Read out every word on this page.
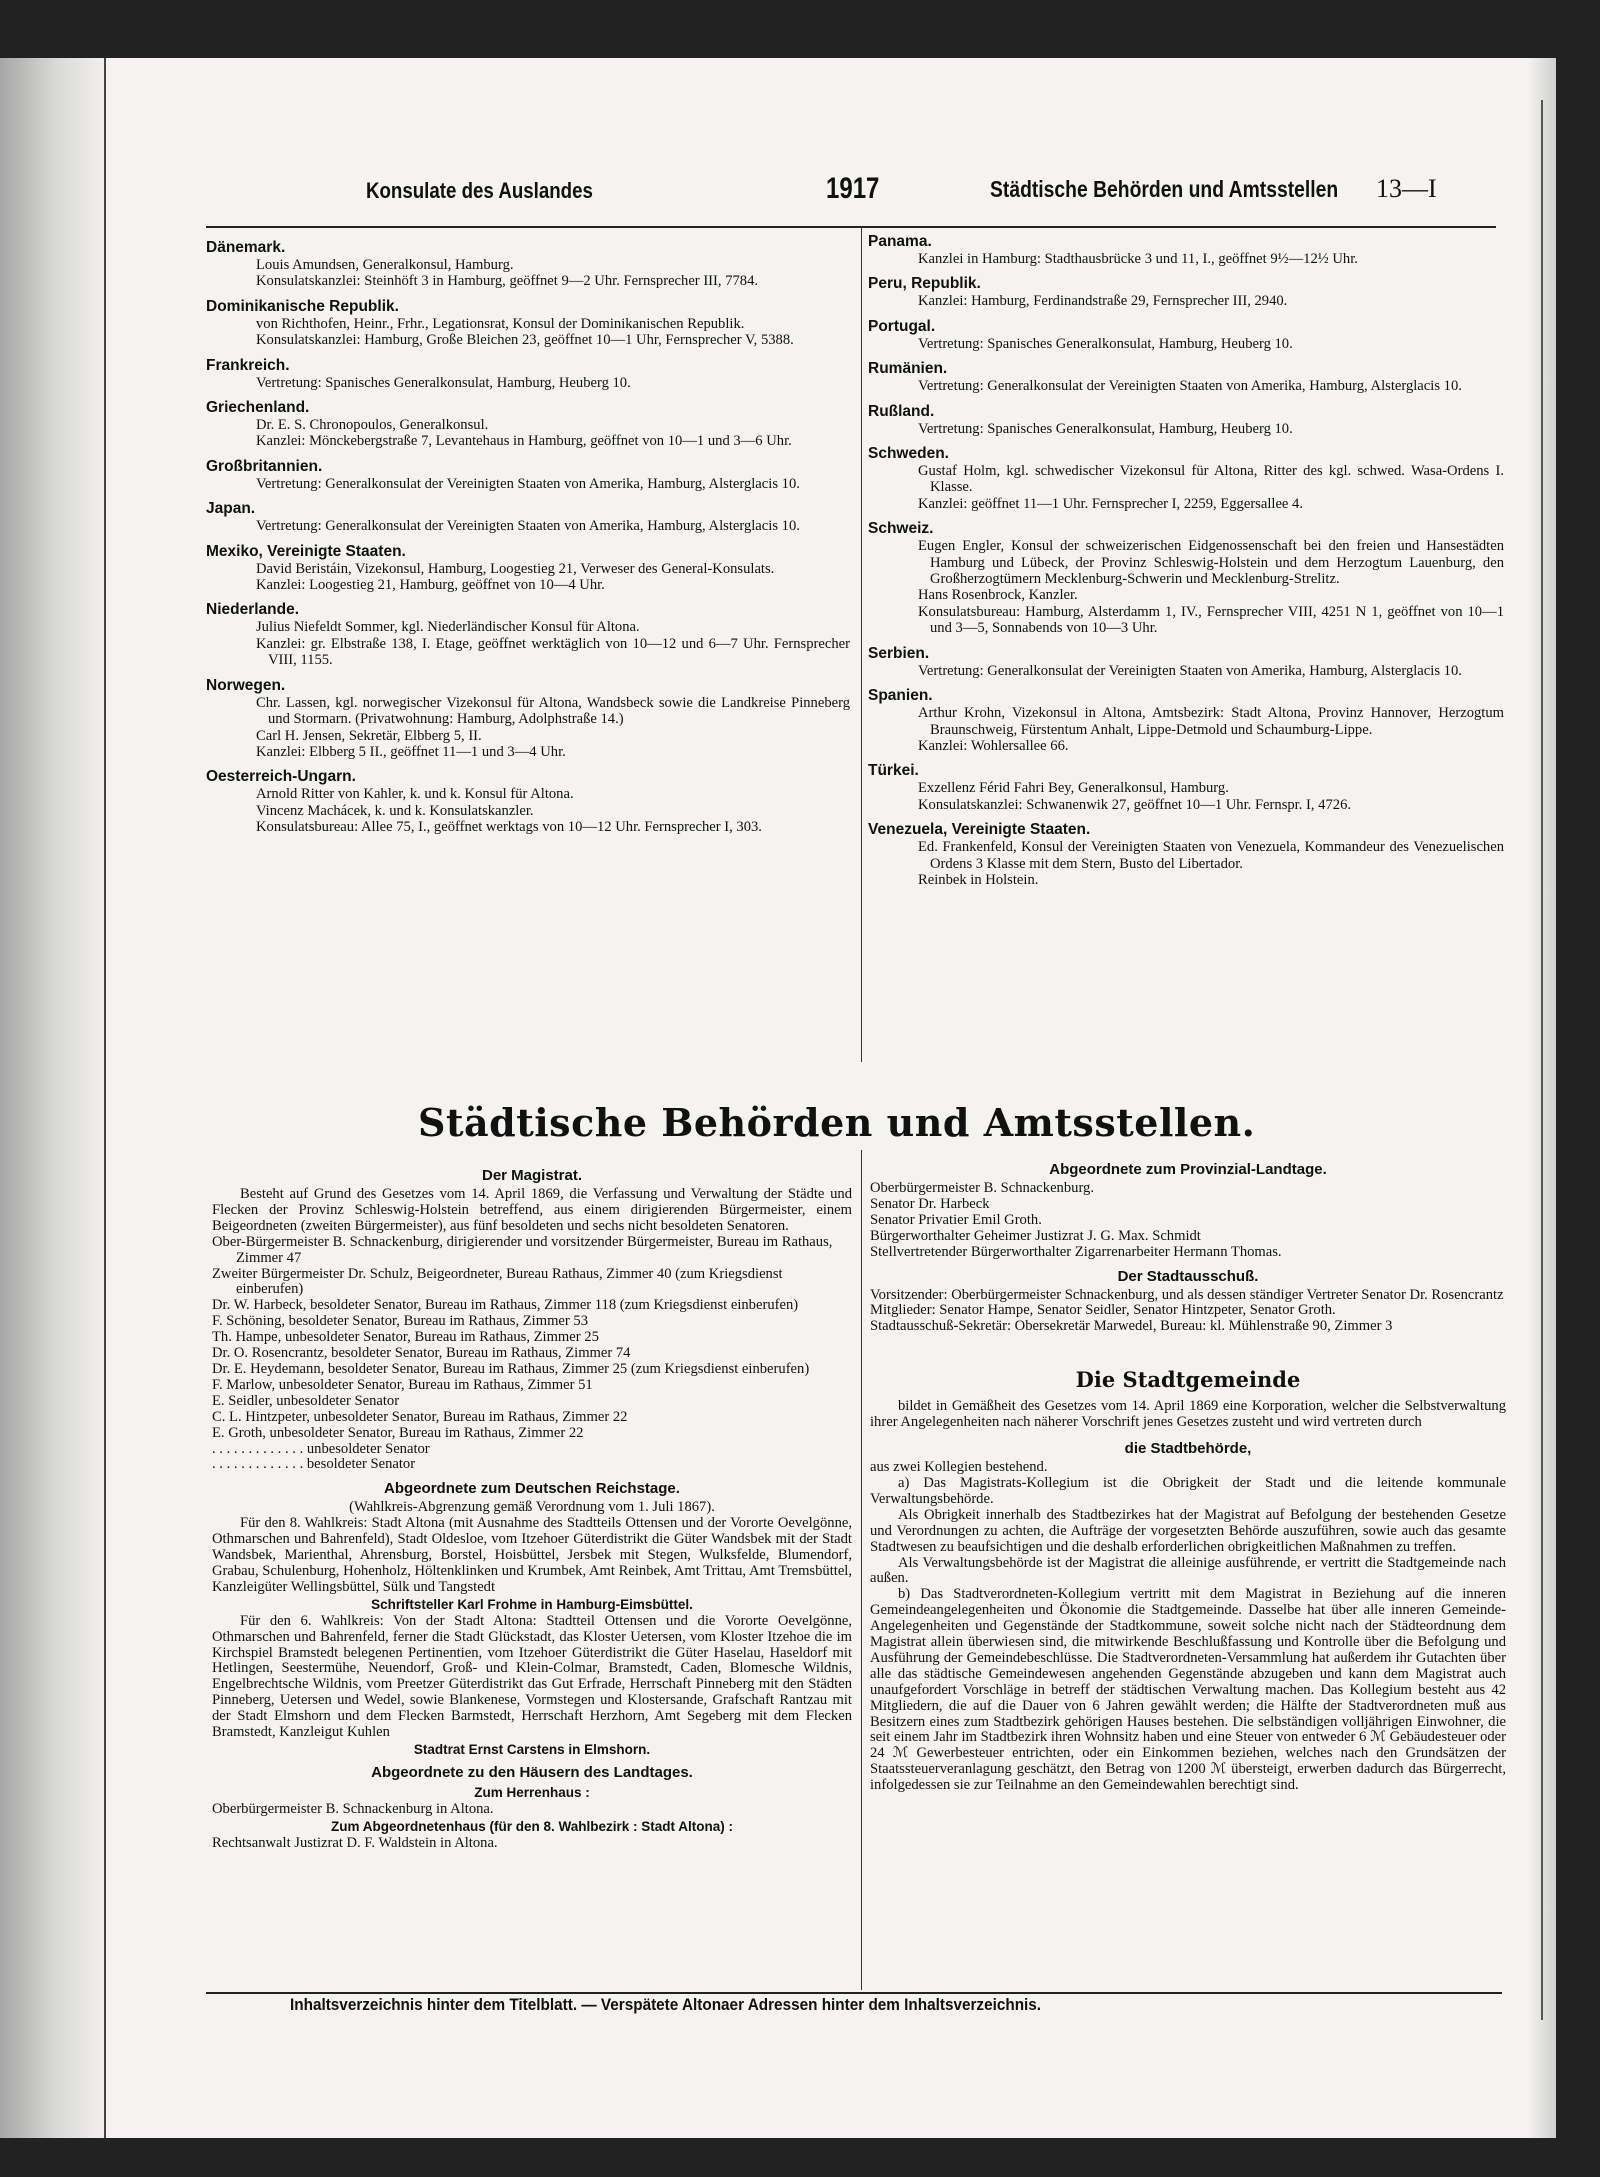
Konsulate des Auslandes	1917	Städtische Behörden und Amtsstellen 13—I
Dänemark.
Louis Amundsen, Generalkonsul, Hamburg.
Konsulatskanzlei: Steinhöft 3 in Hamburg, geöffnet 9—2 Uhr. Fernsprecher III, 7784.
Dominikanische Republik.
von Richthofen, Heinr., Frhr., Legationsrat, Konsul der Dominikanischen Republik.
Konsulatskanzlei: Hamburg, Große Bleichen 23, geöffnet 10—1 Uhr, Fernsprecher V, 5388.
Frankreich.
Vertretung: Spanisches Generalkonsulat, Hamburg, Heuberg 10.
Griechenland.
Dr. E. S. Chronopoulos, Generalkonsul.
Kanzlei: Mönckebergstraße 7, Levantehaus in Hamburg, geöffnet von 10—1 und 3—6 Uhr.
Großbritannien.
Vertretung: Generalkonsulat der Vereinigten Staaten von Amerika, Hamburg, Alsterglacis 10.
Japan.
Vertretung: Generalkonsulat der Vereinigten Staaten von Amerika, Hamburg, Alsterglacis 10.
Mexiko, Vereinigte Staaten.
David Beristáin, Vizekonsul, Hamburg, Loogestieg 21, Verweser des General-Konsulats.
Kanzlei: Loogestieg 21, Hamburg, geöffnet von 10—4 Uhr.
Niederlande.
Julius Niefeldt Sommer, kgl. Niederländischer Konsul für Altona.
Kanzlei: gr. Elbstraße 138, I. Etage, geöffnet werktäglich von 10—12 und 6—7 Uhr. Fernsprecher VIII, 1155.
Norwegen.
Chr. Lassen, kgl. norwegischer Vizekonsul für Altona, Wandsbeck sowie die Landkreise Pinneberg und Stormarn. (Privatwohnung: Hamburg, Adolphstraße 14.)
Carl H. Jensen, Sekretär, Elbberg 5, II.
Kanzlei: Elbberg 5 II., geöffnet 11—1 und 3—4 Uhr.
Oesterreich-Ungarn.
Arnold Ritter von Kahler, k. und k. Konsul für Altona.
Vincenz Machácek, k. und k. Konsulatskanzler.
Konsulatsbureau: Allee 75, I., geöffnet werktags von 10—12 Uhr. Fernsprecher I, 303.
Panama.
Kanzlei in Hamburg: Stadthausbrücke 3 und 11, I., geöffnet 9½—12½ Uhr.
Peru, Republik.
Kanzlei: Hamburg, Ferdinandstraße 29, Fernsprecher III, 2940.
Portugal.
Vertretung: Spanisches Generalkonsulat, Hamburg, Heuberg 10.
Rumänien.
Vertretung: Generalkonsulat der Vereinigten Staaten von Amerika, Hamburg, Alsterglacis 10.
Rußland.
Vertretung: Spanisches Generalkonsulat, Hamburg, Heuberg 10.
Schweden.
Gustaf Holm, kgl. schwedischer Vizekonsul für Altona, Ritter des kgl. schwed. Wasa-Ordens I. Klasse.
Kanzlei: geöffnet 11—1 Uhr. Fernsprecher I, 2259, Eggersallee 4.
Schweiz.
Eugen Engler, Konsul der schweizerischen Eidgenossenschaft bei den freien und Hansestädten Hamburg und Lübeck, der Provinz Schleswig-Holstein und dem Herzogtum Lauenburg, den Großherzogtümern Mecklenburg-Schwerin und Mecklenburg-Strelitz.
Hans Rosenbrock, Kanzler.
Konsulatsbureau: Hamburg, Alsterdamm 1, IV., Fernsprecher VIII, 4251 N 1, geöffnet von 10—1 und 3—5, Sonnabends von 10—3 Uhr.
Serbien.
Vertretung: Generalkonsulat der Vereinigten Staaten von Amerika, Hamburg, Alsterglacis 10.
Spanien.
Arthur Krohn, Vizekonsul in Altona, Amtsbezirk: Stadt Altona, Provinz Hannover, Herzogtum Braunschweig, Fürstentum Anhalt, Lippe-Detmold und Schaumburg-Lippe.
Kanzlei: Wohlersallee 66.
Türkei.
Exzellenz Férid Fahri Bey, Generalkonsul, Hamburg.
Konsulatskanzlei: Schwanenwik 27, geöffnet 10—1 Uhr. Fernspr. I, 4726.
Venezuela, Vereinigte Staaten.
Ed. Frankenfeld, Konsul der Vereinigten Staaten von Venezuela, Kommandeur des Venezuelischen Ordens 3 Klasse mit dem Stern, Busto del Libertador.
Reinbek in Holstein.
Städtische Behörden und Amtsstellen.
Der Magistrat.
Besteht auf Grund des Gesetzes vom 14. April 1869, die Verfassung und Verwaltung der Städte und Flecken der Provinz Schleswig-Holstein betreffend, aus einem dirigierenden Bürgermeister, einem Beigeordneten (zweiten Bürgermeister), aus fünf besoldeten und sechs nicht besoldeten Senatoren.
Ober-Bürgermeister B. Schnackenburg, dirigierender und vorsitzender Bürgermeister, Bureau im Rathaus, Zimmer 47
Zweiter Bürgermeister Dr. Schulz, Beigeordneter, Bureau Rathaus, Zimmer 40 (zum Kriegsdienst einberufen)
Dr. W. Harbeck, besoldeter Senator, Bureau im Rathaus, Zimmer 118 (zum Kriegsdienst einberufen)
F. Schöning, besoldeter Senator, Bureau im Rathaus, Zimmer 53
Th. Hampe, unbesoldeter Senator, Bureau im Rathaus, Zimmer 25
Dr. O. Rosencrantz, besoldeter Senator, Bureau im Rathaus, Zimmer 74
Dr. E. Heydemann, besoldeter Senator, Bureau im Rathaus, Zimmer 25 (zum Kriegsdienst einberufen)
F. Marlow, unbesoldeter Senator, Bureau im Rathaus, Zimmer 51
E. Seidler, unbesoldeter Senator
C. L. Hintzpeter, unbesoldeter Senator, Bureau im Rathaus, Zimmer 22
E. Groth, unbesoldeter Senator, Bureau im Rathaus, Zimmer 22
. . . . . . . . . . . . . unbesoldeter Senator
. . . . . . . . . . . . . besoldeter Senator
Abgeordnete zum Deutschen Reichstage.
(Wahlkreis-Abgrenzung gemäß Verordnung vom 1. Juli 1867).
Für den 8. Wahlkreis: Stadt Altona (mit Ausnahme des Stadtteils Ottensen und der Vororte Oevelgönne, Othmarschen und Bahrenfeld), Stadt Oldesloe, vom Itzehoer Güterdistrikt die Güter Wandsbek mit der Stadt Wandsbek, Marienthal, Ahrensburg, Borstel, Hoisbüttel, Jersbek mit Stegen, Wulksfelde, Blumendorf, Grabau, Schulenburg, Hohenholz, Höltenklinken und Krumbek, Amt Reinbek, Amt Trittau, Amt Tremsbüttel, Kanzleigüter Wellingsbüttel, Sülk und Tangstedt
Schriftsteller Karl Frohme in Hamburg-Eimsbüttel.
Für den 6. Wahlkreis: Von der Stadt Altona: Stadtteil Ottensen und die Vororte Oevelgönne, Othmarschen und Bahrenfeld, ferner die Stadt Glückstadt, das Kloster Uetersen, vom Kloster Itzehoe die im Kirchspiel Bramstedt belegenen Pertinentien, vom Itzehoer Güterdistrikt die Güter Haselau, Haseldorf mit Hetlingen, Seestermühe, Neuendorf, Groß- und Klein-Colmar, Bramstedt, Caden, Blomesche Wildnis, Engelbrechtsche Wildnis, vom Preetzer Güterdistrikt das Gut Erfrade, Herrschaft Pinneberg mit den Städten Pinneberg, Uetersen und Wedel, sowie Blankenese, Vormstegen und Klostersande, Grafschaft Rantzau mit der Stadt Elmshorn und dem Flecken Barmstedt, Herrschaft Herzhorn, Amt Segeberg mit dem Flecken Bramstedt, Kanzleigut Kuhlen
Stadtrat Ernst Carstens in Elmshorn.
Abgeordnete zu den Häusern des Landtages.
Zum Herrenhaus :
Oberbürgermeister B. Schnackenburg in Altona.
Zum Abgeordnetenhaus (für den 8. Wahlbezirk : Stadt Altona) :
Rechtsanwalt Justizrat D. F. Waldstein in Altona.
Abgeordnete zum Provinzial-Landtage.
Oberbürgermeister B. Schnackenburg.
Senator Dr. Harbeck
Senator Privatier Emil Groth.
Bürgerworthalter Geheimer Justizrat J. G. Max. Schmidt
Stellvertretender Bürgerworthalter Zigarrenarbeiter Hermann Thomas.
Der Stadtausschuß.
Vorsitzender: Oberbürgermeister Schnackenburg, und als dessen ständiger Vertreter Senator Dr. Rosencrantz
Mitglieder: Senator Hampe, Senator Seidler, Senator Hintzpeter, Senator Groth.
Stadtausschuß-Sekretär: Obersekretär Marwedel, Bureau: kl. Mühlenstraße 90, Zimmer 3
Die Stadtgemeinde
bildet in Gemäßheit des Gesetzes vom 14. April 1869 eine Korporation, welcher die Selbstverwaltung ihrer Angelegenheiten nach näherer Vorschrift jenes Gesetzes zusteht und wird vertreten durch
die Stadtbehörde,
aus zwei Kollegien bestehend.
a) Das Magistrats-Kollegium ist die Obrigkeit der Stadt und die leitende kommunale Verwaltungsbehörde.
Als Obrigkeit innerhalb des Stadtbezirkes hat der Magistrat auf Befolgung der bestehenden Gesetze und Verordnungen zu achten, die Aufträge der vorgesetzten Behörde auszuführen, sowie auch das gesamte Stadtwesen zu beaufsichtigen und die deshalb erforderlichen obrigkeitlichen Maßnahmen zu treffen.
Als Verwaltungsbehörde ist der Magistrat die alleinige ausführende, er vertritt die Stadtgemeinde nach außen.
b) Das Stadtverordneten-Kollegium vertritt mit dem Magistrat in Beziehung auf die inneren Gemeindeangelegenheiten und Ökonomie die Stadtgemeinde. Dasselbe hat über alle inneren Gemeinde-Angelegenheiten und Gegenstände der Stadtkommune, soweit solche nicht nach der Städteordnung dem Magistrat allein überwiesen sind, die mitwirkende Beschlußfassung und Kontrolle über die Befolgung und Ausführung der Gemeindebeschlüsse. Die Stadtverordneten-Versammlung hat außerdem ihr Gutachten über alle das städtische Gemeindewesen angehenden Gegenstände abzugeben und kann dem Magistrat auch unaufgefordert Vorschläge in betreff der städtischen Verwaltung machen. Das Kollegium besteht aus 42 Mitgliedern, die auf die Dauer von 6 Jahren gewählt werden; die Hälfte der Stadtverordneten muß aus Besitzern eines zum Stadtbezirk gehörigen Hauses bestehen. Die selbständigen volljährigen Einwohner, die seit einem Jahr im Stadtbezirk ihren Wohnsitz haben und eine Steuer von entweder 6 ℳ Gebäudesteuer oder 24 ℳ Gewerbesteuer entrichten, oder ein Einkommen beziehen, welches nach den Grundsätzen der Staatssteuerveranlagung geschätzt, den Betrag von 1200 ℳ übersteigt, erwerben dadurch das Bürgerrecht, infolgedessen sie zur Teilnahme an den Gemeindewahlen berechtigt sind.
Inhaltsverzeichnis hinter dem Titelblatt. — Verspätete Altonaer Adressen hinter dem Inhaltsverzeichnis.
